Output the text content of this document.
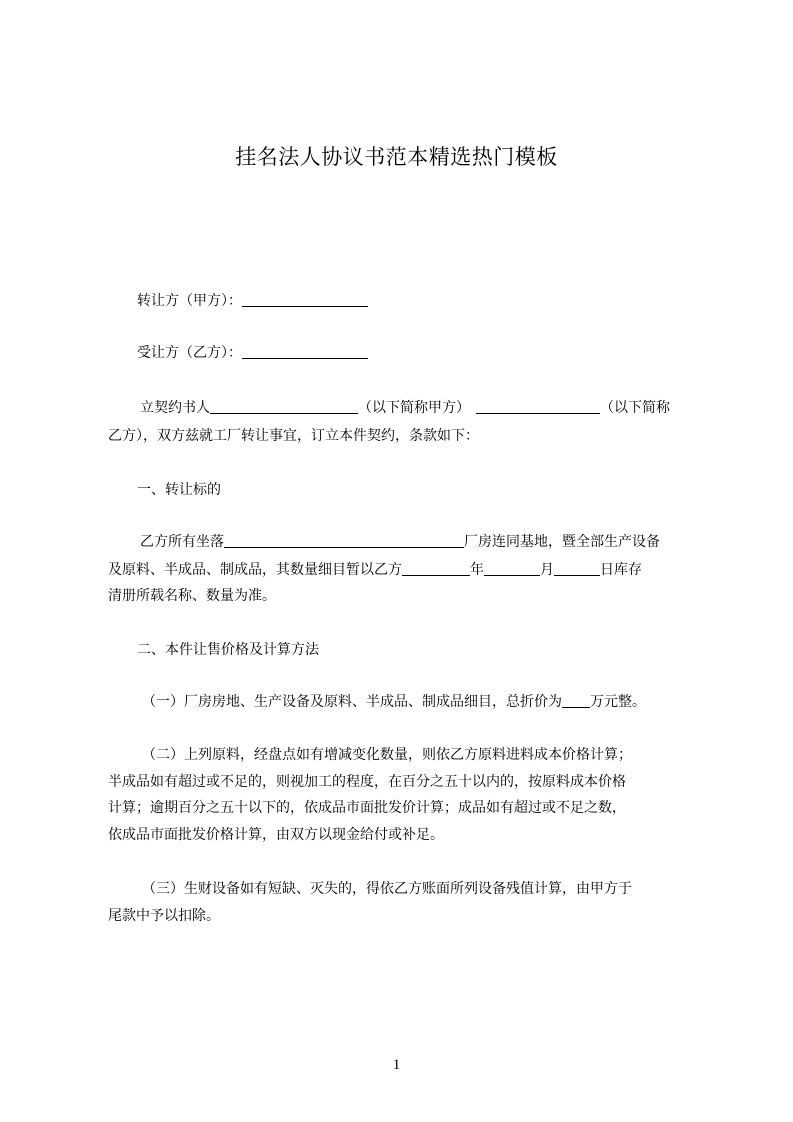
挂名法人协议书范本精选热门模板
转让方（甲方）：
受让方（乙方）：
立契约书人	（以下简称甲方）	（以下简称
乙方），双方兹就工厂转让事宜，订立本件契约，条款如下：
一、转让标的
乙方所有坐落	厂房连同基地，暨全部生产设备
及原料、半成品、制成品，其数量细目暂以乙方	年	月	日库存
清册所载名称、数量为准。
二、本件让售价格及计算方法
（一）厂房房地、生产设备及原料、半成品、制成品细目，总折价为 万元整。
（二）上列原料，经盘点如有增减变化数量，则依乙方原料进料成本价格计算；
半成品如有超过或不足的，则视加工的程度，在百分之五十以内的，按原料成本价格
计算；逾期百分之五十以下的，依成品市面批发价计算；成品如有超过或不足之数，
依成品市面批发价格计算，由双方以现金给付或补足。
（三）生财设备如有短缺、灭失的，得依乙方账面所列设备残值计算，由甲方于
尾款中予以扣除。
1
